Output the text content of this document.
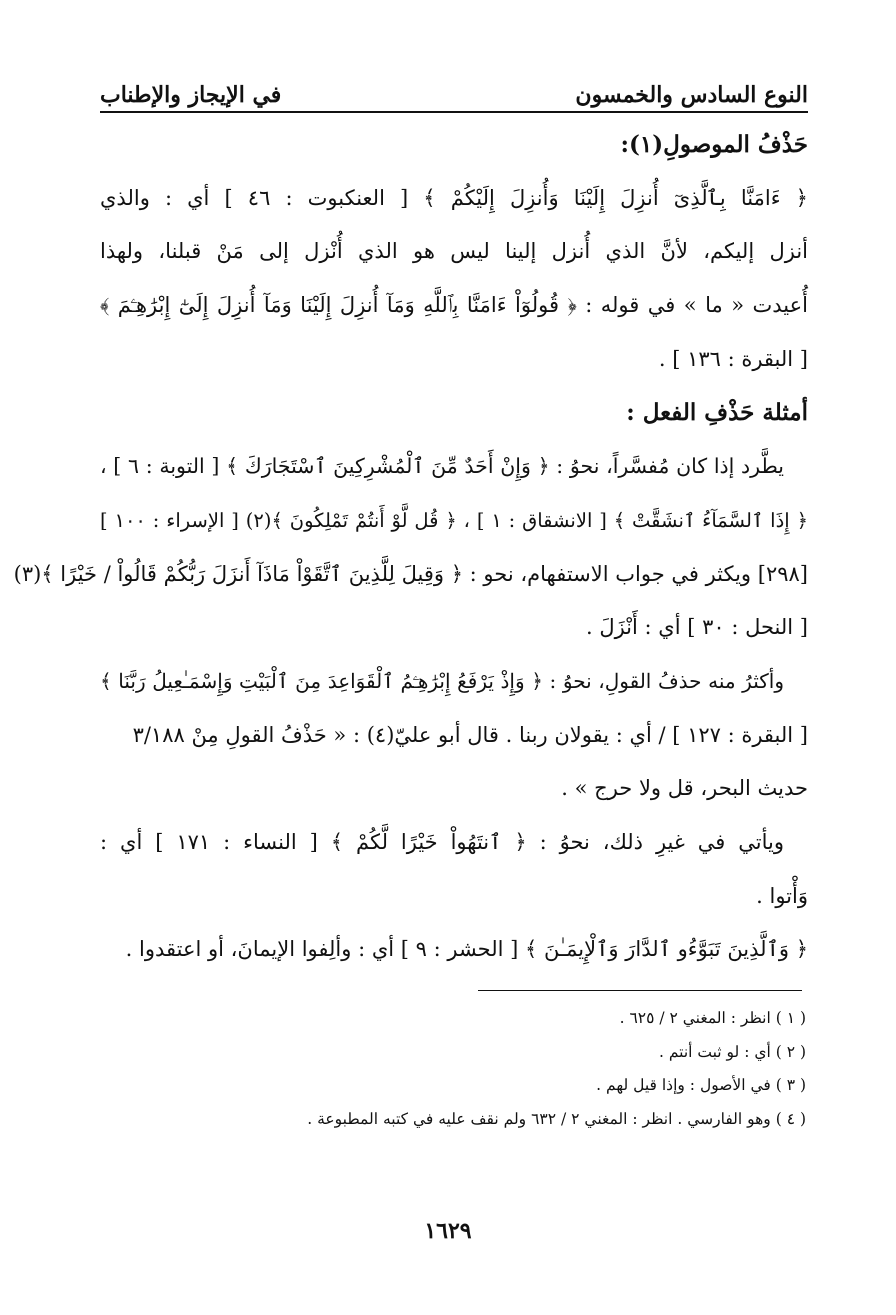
النوع السادس والخمسون
في الإيجاز والإطناب
حَذْفُ الموصولِ(١):
﴿ ءَامَنَّا بِٱلَّذِىٓ أُنزِلَ إِلَيْنَا وَأُنزِلَ إِلَيْكُمْ ﴾ [ العنكبوت : ٤٦ ] أي : والذي
أنزل إليكم، لأنَّ الذي أُنزل إلينا ليس هو الذي أُنْزل إلى مَنْ قبلنا، ولهذا
أُعيدت « ما » في قوله : ﴿ قُولُوٓاْ ءَامَنَّا بِٱللَّهِ وَمَآ أُنزِلَ إِلَيْنَا وَمَآ أُنزِلَ إِلَىٰٓ إِبْرَٰهِـۧمَ ﴾
[ البقرة : ١٣٦ ] .
أمثلة حَذْفِ الفعل :
يطَّرد إذا كان مُفسَّراً، نحوُ : ﴿ وَإِنْ أَحَدٌ مِّنَ ٱلْمُشْرِكِينَ ٱسْتَجَارَكَ ﴾ [ التوبة : ٦ ] ،
﴿ إِذَا ٱلسَّمَآءُ ٱنشَقَّتْ ﴾ [ الانشقاق : ١ ] ، ﴿ قُل لَّوْ أَنتُمْ تَمْلِكُونَ ﴾(٢) [ الإسراء : ١٠٠ ]
[٢٩٨] ويكثر في جواب الاستفهام، نحو : ﴿ وَقِيلَ لِلَّذِينَ ٱتَّقَوْاْ مَاذَآ أَنزَلَ رَبُّكُمْ قَالُواْ / خَيْرًا ﴾(٣)
[ النحل : ٣٠ ] أي : أَنْزَلَ .
وأكثرُ منه حذفُ القولِ، نحوُ : ﴿ وَإِذْ يَرْفَعُ إِبْرَٰهِـۧمُ ٱلْقَوَاعِدَ مِنَ ٱلْبَيْتِ وَإِسْمَـٰعِيلُ رَبَّنَا ﴾
[ البقرة : ١٢٧ ] / أي : يقولان ربنا . قال أبو عليّ(٤) : « حَذْفُ القولِ مِنْ ٣/١٨٨
حديث البحر، قل ولا حرج » .
ويأتي في غيرِ ذلك، نحوُ : ﴿ ٱنتَهُواْ خَيْرًا لَّكُمْ ﴾ [ النساء : ١٧١ ] أي :
وَأْتوا .
﴿ وَٱلَّذِينَ تَبَوَّءُو ٱلدَّارَ وَٱلْإِيمَـٰنَ ﴾ [ الحشر : ٩ ] أي : وألِفوا الإيمانَ، أو اعتقدوا .
( ١ ) انظر : المغني ٢ / ٦٢٥ .
( ٢ ) أي : لو ثبت أنتم .
( ٣ ) في الأصول : وإذا قيل لهم .
( ٤ ) وهو الفارسي . انظر : المغني ٢ / ٦٣٢ ولم نقف عليه في كتبه المطبوعة .
١٦٢٩
